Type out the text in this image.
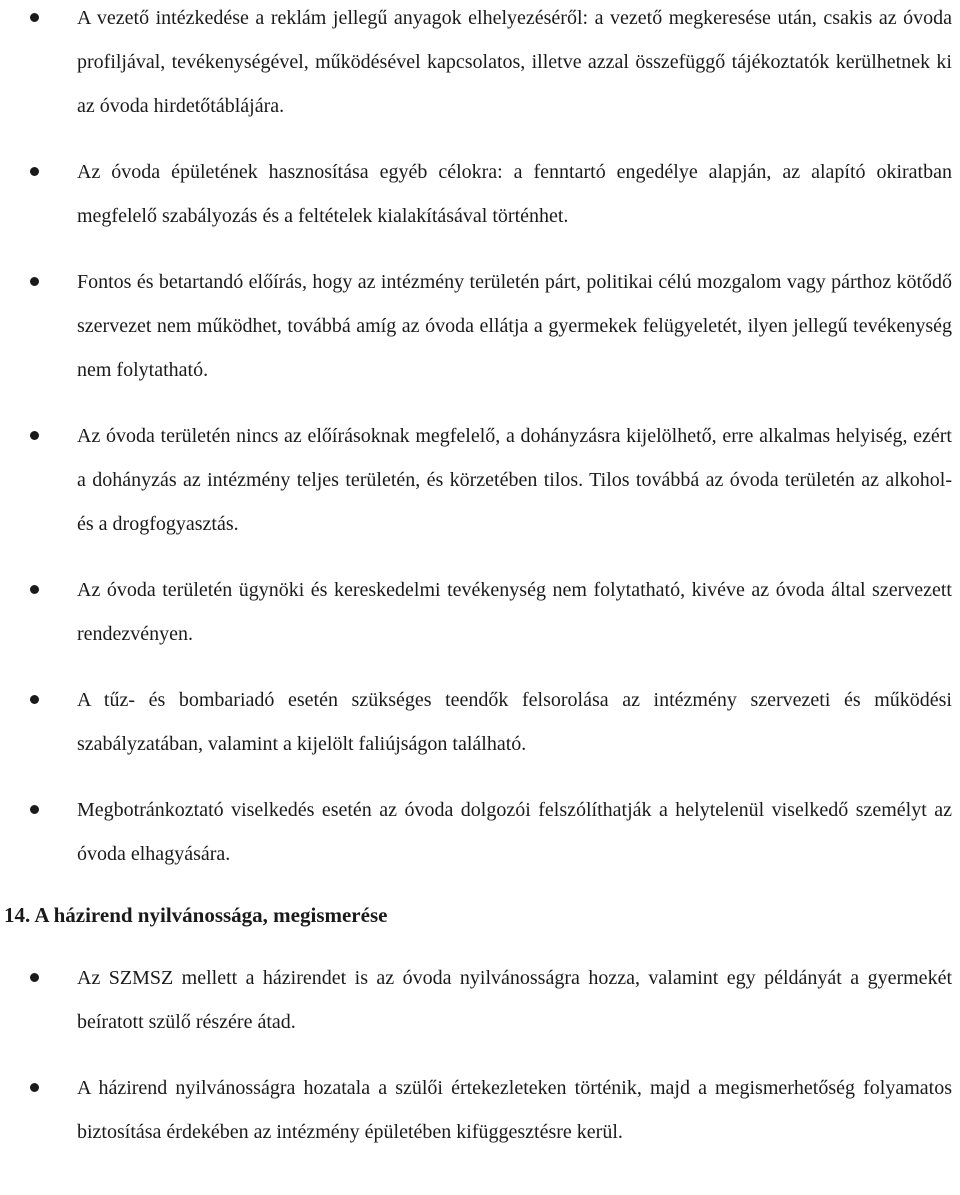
A vezető intézkedése a reklám jellegű anyagok elhelyezéséről: a vezető megkeresése után, csakis az óvoda profiljával, tevékenységével, működésével kapcsolatos, illetve azzal összefüggő tájékoztatók kerülhetnek ki az óvoda hirdetőtáblájára.
Az óvoda épületének hasznosítása egyéb célokra: a fenntartó engedélye alapján, az alapító okiratban megfelelő szabályozás és a feltételek kialakításával történhet.
Fontos és betartandó előírás, hogy az intézmény területén párt, politikai célú mozgalom vagy párthoz kötődő szervezet nem működhet, továbbá amíg az óvoda ellátja a gyermekek felügyeletét, ilyen jellegű tevékenység nem folytatható.
Az óvoda területén nincs az előírásoknak megfelelő, a dohányzásra kijelölhető, erre alkalmas helyiség, ezért a dohányzás az intézmény teljes területén, és körzetében tilos. Tilos továbbá az óvoda területén az alkohol- és a drogfogyasztás.
Az óvoda területén ügynöki és kereskedelmi tevékenység nem folytatható, kivéve az óvoda által szervezett rendezvényen.
A tűz- és bombariadó esetén szükséges teendők felsorolása az intézmény szervezeti és működési szabályzatában, valamint a kijelölt faliújságon található.
Megbotránkoztató viselkedés esetén az óvoda dolgozói felszólíthatják a helytelenül viselkedő személyt az óvoda elhagyására.
14. A házirend nyilvánossága, megismerése
Az SZMSZ mellett a házirendet is az óvoda nyilvánosságra hozza, valamint egy példányát a gyermekét beíratott szülő részére átad.
A házirend nyilvánosságra hozatala a szülői értekezleteken történik, majd a megismerhetőség folyamatos biztosítása érdekében az intézmény épületében kifüggesztésre kerül.
